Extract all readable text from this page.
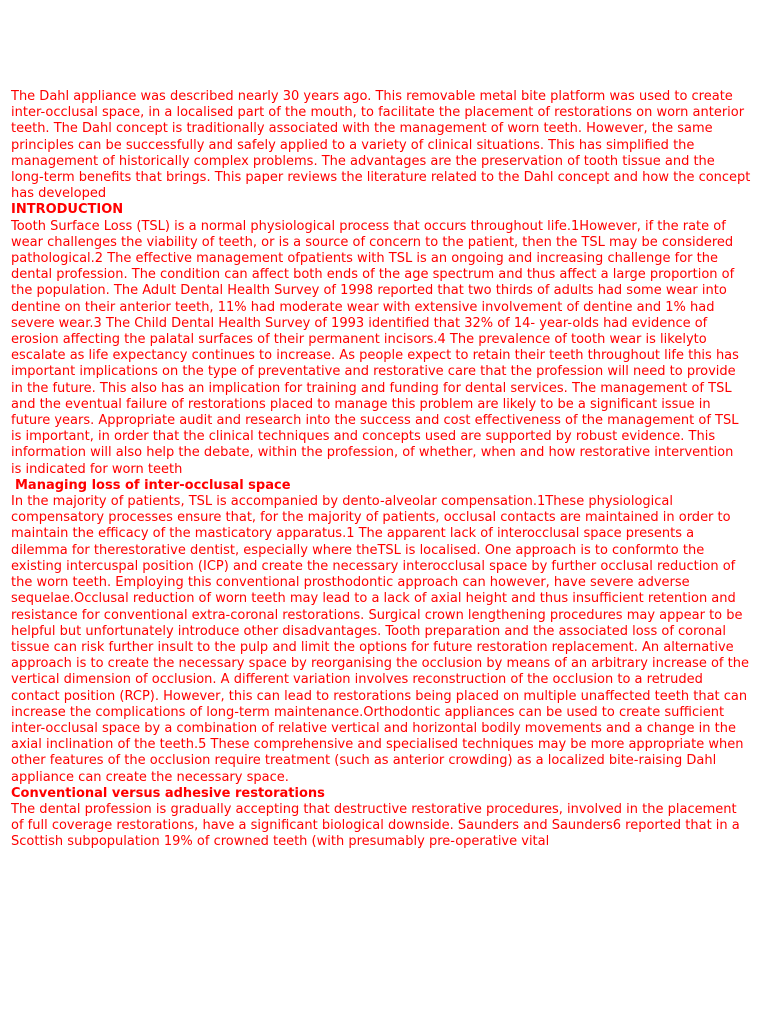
The Dahl appliance was described nearly 30 years ago. This removable metal bite platform was used to create inter-occlusal space, in a localised part of the mouth, to facilitate the placement of restorations on worn anterior teeth. The Dahl concept is traditionally associated with the management of worn teeth. However, the same principles can be successfully and safely applied to a variety of clinical situations. This has simplified the management of historically complex problems. The advantages are the preservation of tooth tissue and the long-term benefits that brings. This paper reviews the literature related to the Dahl concept and how the concept has developed

INTRODUCTION

Tooth Surface Loss (TSL) is a normal physiological process that occurs throughout life.1However, if the rate of wear challenges the viability of teeth, or is a source of concern to the patient, then the TSL may be considered pathological.2 The effective management ofpatients with TSL is an ongoing and increasing challenge for the dental profession. The condition can affect both ends of the age spectrum and thus affect a large proportion of the population. The Adult Dental Health Survey of 1998 reported that two thirds of adults had some wear into dentine on their anterior teeth, 11% had moderate wear with extensive involvement of dentine and 1% had severe wear.3 The Child Dental Health Survey of 1993 identified that 32% of 14- year-olds had evidence of erosion affecting the palatal surfaces of their permanent incisors.4 The prevalence of tooth wear is likelyto escalate as life expectancy continues to increase. As people expect to retain their teeth throughout life this has important implications on the type of preventative and restorative care that the profession will need to provide in the future. This also has an implication for training and funding for dental services. The management of TSL and the eventual failure of restorations placed to manage this problem are likely to be a significant issue in future years. Appropriate audit and research into the success and cost effectiveness of the management of TSL is important, in order that the clinical techniques and concepts used are supported by robust evidence. This information will also help the debate, within the profession, of whether, when and how restorative intervention

is indicated for worn teeth

Managing loss of inter-occlusal space

In the majority of patients, TSL is accompanied by dento-alveolar compensation.1These physiological compensatory processes ensure that, for the majority of patients, occlusal contacts are maintained in order to maintain the efficacy of the masticatory apparatus.1 The apparent lack of interocclusal space presents a dilemma for therestorative dentist, especially where theTSL is localised. One approach is to conformto the existing intercuspal position (ICP) and create the necessary interocclusal space by further occlusal reduction of the worn teeth. Employing this conventional prosthodontic approach can however, have severe adverse sequelae.Occlusal reduction of worn teeth may lead to a lack of axial height and thus insufficient retention and resistance for conventional extra-coronal restorations. Surgical crown lengthening procedures may appear to be helpful but unfortunately introduce other disadvantages. Tooth preparation and the associated loss of coronal tissue can risk further insult to the pulp and limit the options for future restoration replacement. An alternative approach is to create the necessary space by reorganising the occlusion by means of an arbitrary increase of the vertical dimension of occlusion. A different variation involves reconstruction of the occlusion to a retruded contact position (RCP). However, this can lead to restorations being placed on multiple unaffected teeth that can increase the complications of long-term maintenance.Orthodontic appliances can be used to create sufficient inter-occlusal space by a combination of relative vertical and horizontal bodily movements and a change in the axial inclination of the teeth.5 These comprehensive and specialised techniques may be more appropriate when other features of the occlusion require treatment (such as anterior crowding) as a localized bite-raising Dahl appliance can create the necessary space.

Conventional versus adhesive restorations

The dental profession is gradually accepting that destructive restorative procedures, involved in the placement of full coverage restorations, have a significant biological downside. Saunders and Saunders6 reported that in a Scottish subpopulation 19% of crowned teeth (with presumably pre-operative vital
